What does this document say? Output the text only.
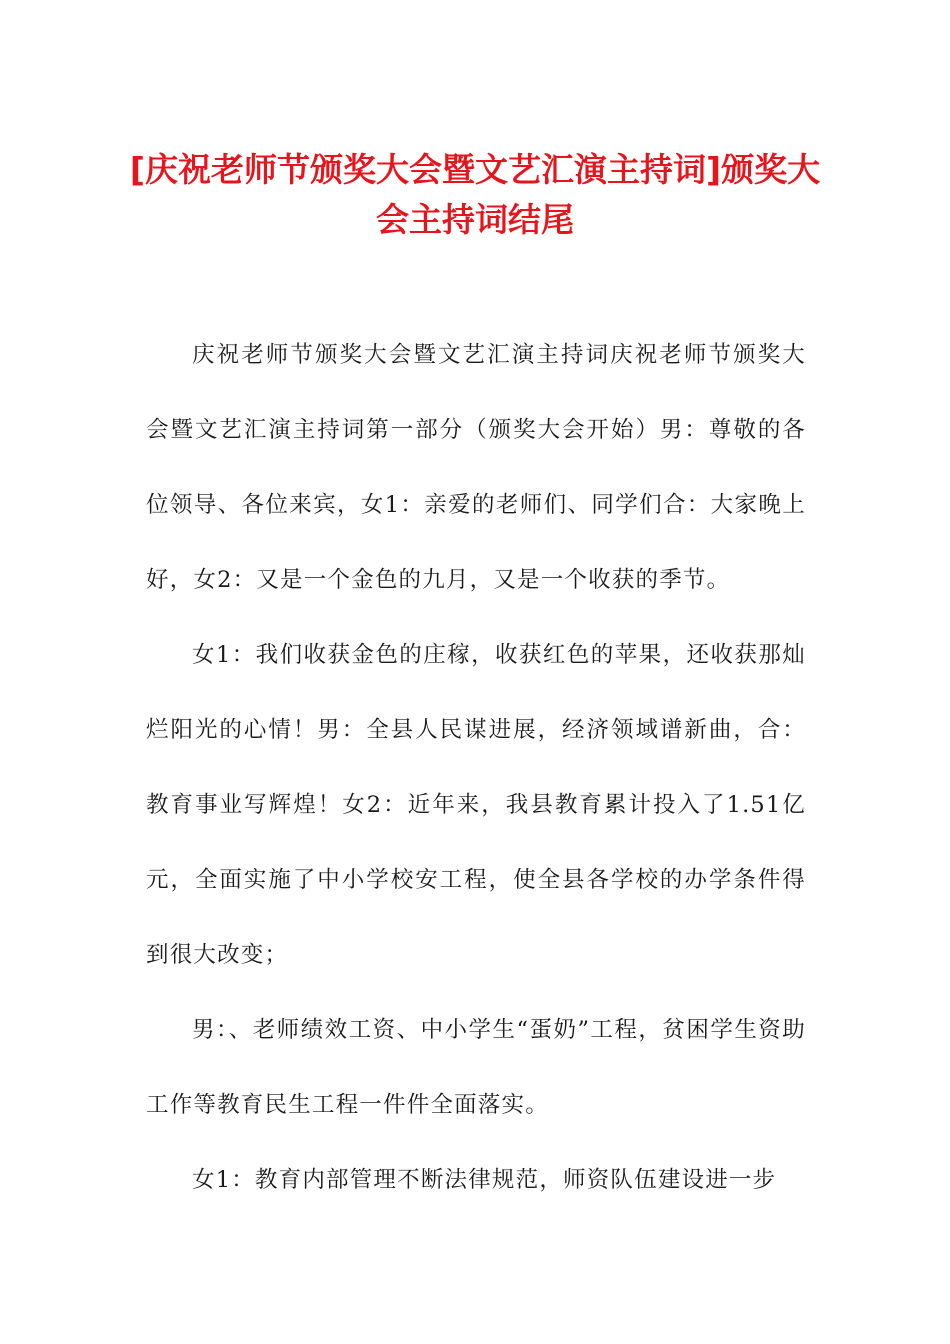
[庆祝老师节颁奖大会暨文艺汇演主持词]颁奖大会主持词结尾

庆祝老师节颁奖大会暨文艺汇演主持词庆祝老师节颁奖大会暨文艺汇演主持词第一部分（颁奖大会开始）男：尊敬的各位领导、各位来宾，女1：亲爱的老师们、同学们合：大家晚上好，女2：又是一个金色的九月，又是一个收获的季节。

女1：我们收获金色的庄稼，收获红色的苹果，还收获那灿烂阳光的心情！男：全县人民谋进展，经济领域谱新曲，合：教育事业写辉煌！女2：近年来，我县教育累计投入了1.51亿元，全面实施了中小学校安工程，使全县各学校的办学条件得到很大改变；

男：、老师绩效工资、中小学生“蛋奶”工程，贫困学生资助工作等教育民生工程一件件全面落实。

女1：教育内部管理不断法律规范，师资队伍建设进一步
